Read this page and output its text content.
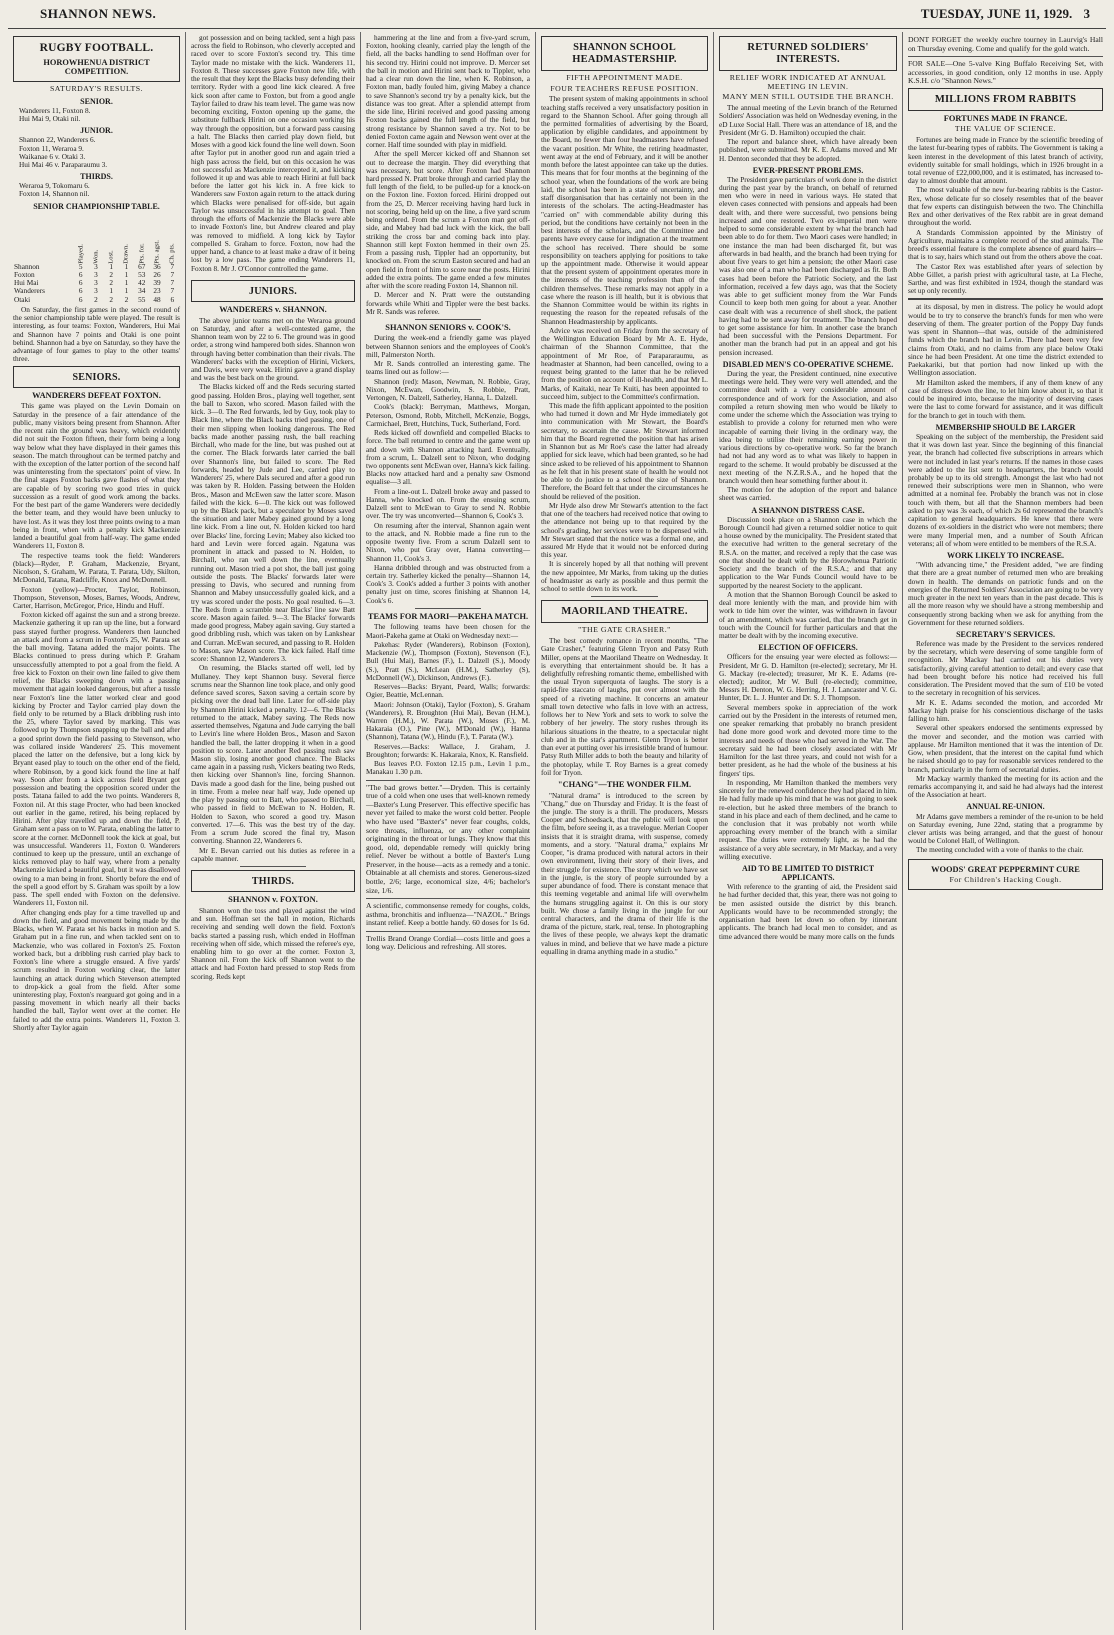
SHANNON NEWS.	TUESDAY, JUNE 11, 1929. 3
RUGBY FOOTBALL.
HOROWHENUA DISTRICT COMPETITION.
SATURDAY'S RESULTS.
SENIOR.
Wanderers 11, Foxton 8.
Hui Mai 9, Otaki nil.
JUNIOR.
Shannon 22, Wanderers 6.
Foxton 11, Weraroa 9.
Waikanae 6 v. Otaki 3.
Hui Mai 46 v. Paraparaumu 3.
THIRDS.
Weraroa 9, Tokomaru 6.
Foxton 14, Shannon nil.
SENIOR CHAMPIONSHIP TABLE.
	Played.	Won.	Lost.	Drawn.	Pts. for.	Pts. agst.	Ch. pts.
Shannon	5	3	1	1	67	36	7
Foxton	6	3	2	1	53	26	7
Hui Mai	6	3	2	1	42	39	7
Wanderers	6	3	1	1	34	23	7
Otaki	6	2	2	2	55	48	6

On Saturday, the first games in the second round of the senior championship table were played. The result is interesting, as four teams: Foxton, Wanderers, Hui Mai and Shannon have 7 points and Otaki is one point behind. Shannon had a bye on Saturday, so they have the advantage of four games to play to the other teams' three.

SENIORS.
WANDERERS DEFEAT FOXTON.

This game was played on the Levin Domain on Saturday in the presence of a fair attendance of the public, many visitors being present from Shannon. After the recent rain the ground was heavy, which evidently did not suit the Foxton fifteen, their form being a long way below what they have displayed in their games this season. The match throughout can be termed patchy and with the exception of the latter portion of the second half was uninteresting from the spectators' point of view. In the final stages Foxton backs gave flashes of what they are capable of by scoring two good tries in quick succession as a result of good work among the backs. For the best part of the game Wanderers were decidedly the better team, and they would have been unlucky to have lost. As it was they lost three points owing to a man being in front, when with a penalty kick Mackenzie landed a beautiful goal from half-way. The game ended Wanderers 11, Foxton 8.

The respective teams took the field: Wanderers (black)—Ryder, P. Graham, Mackenzie, Bryant, Nicolson, S. Graham, W. Parata, T. Parata, Udy, Skilton, McDonald, Tatana, Radcliffe, Knox and McDonnell.

Foxton (yellow)—Procter, Taylor, Robinson, Thompson, Stevenson, Moses, Barnes, Woods, Andrew, Carter, Harrison, McGregor, Price, Hindu and Huff.

Foxton kicked off against the sun and a strong breeze. Mackenzie gathering it up ran up the line, but a forward pass stayed further progress. Wanderers then launched an attack and from a scrum in Foxton's 25, W. Parata set the ball moving. Tatana added the major points. The Blacks continued to press during which P. Graham unsuccessfully attempted to pot a goal from the field. A free kick to Foxton on their own line failed to give them relief, the Blacks sweeping down with a passing movement that again looked dangerous, but after a tussle near Foxton's line the latter worked clear and good kicking by Procter and Taylor carried play down the field only to be returned by a Black dribbling rush into the 25, where Taylor saved by marking. This was followed up by Thompson snapping up the ball and after a good sprint down the field passing to Stevenson, who was collared inside Wanderers' 25. This movement placed the latter on the defensive, but a long kick by Bryant eased play to touch on the other end of the field, where Robinson, by a good kick found the line at half way. Soon after from a kick across field Bryant got possession and beating the opposition scored under the posts. Tatana failed to add the two points. Wanderers 8, Foxton nil. At this stage Procter, who had been knocked out earlier in the game, retired, his being replaced by Hirini. After play travelled up and down the field, P. Graham sent a pass on to W. Parata, enabling the latter to score at the corner. McDonnell took the kick at goal, but was unsuccessful. Wanderers 11, Foxton 0. Wanderers continued to keep up the pressure, until an exchange of kicks removed play to half way, where from a penalty Mackenzie kicked a beautiful goal, but it was disallowed owing to a man being in front. Shortly before the end of the spell a good effort by S. Graham was spoilt by a low pass. The spell ended with Foxton on the defensive. Wanderers 11, Foxton nil.

After changing ends play for a time travelled up and down the field, and good movement being made by the Blacks, when W. Parata set his backs in motion and S. Graham put in a fine run, and when tackled sent on to Mackenzie, who was collared in Foxton's 25. Foxton worked back, but a dribbling rush carried play back to Foxton's line where a struggle ensued. A five yards' scrum resulted in Foxton working clear, the latter launching an attack during which Stevenson attempted to drop-kick a goal from the field. After some uninteresting play, Foxton's rearguard got going and in a passing movement in which nearly all their backs handled the ball, Taylor went over at the corner. He failed to add the extra points. Wanderers 11, Foxton 3. Shortly after Taylor again

got possession and on being tackled, sent a high pass across the field to Robinson, who cleverly accepted and raced over to score Foxton's second try. This time Taylor made no mistake with the kick. Wanderers 11, Foxton 8. These successes gave Foxton new life, with the result that they kept the Blacks busy defending their territory. Ryder with a good line kick cleared. A free kick soon after came to Foxton, but from a good angle Taylor failed to draw his team level. The game was now becoming exciting, Foxton opening up the game, the substitute fullback Hirini on one occasion working his way through the opposition, but a forward pass causing a halt. The Blacks then carried play down field, but Moses with a good kick found the line well down. Soon after Taylor put in another good run and again tried a high pass across the field, but on this occasion he was not successful as Mackenzie intercepted it, and kicking followed it up and was able to reach Hirini at full back before the latter got his kick in. A free kick to Wanderers saw Foxton again return to the attack during which Blacks were penalised for off-side, but again Taylor was unsuccessful in his attempt to goal. Then through the efforts of Mackenzie the Blacks were able to invade Foxton's line, but Andrew cleared and play was removed to midfield. A long kick by Taylor compelled S. Graham to force. Foxton, now had the upper hand, a chance to at least make a draw of it being lost by a low pass. The game ending Wanderers 11, Foxton 8. Mr J. O'Connor controlled the game.

JUNIORS.
WANDERERS v. SHANNON.

The above junior teams met on the Weraroa ground on Saturday, and after a well-contested game, the Shannon team won by 22 to 6. The ground was in good order, a strong wind hampered both sides. Shannon won through having better combination than their rivals. The Wanderers' backs with the exception of Hirini, Vickers, and Davis, were very weak. Hirini gave a grand display and was the best back on the ground.

The Blacks kicked off and the Reds securing started good passing. Holden Bros., playing well together, sent the ball to Saxon, who scored. Mason failed with the kick. 3—0. The Red forwards, led by Guy, took play to Black line, where the Black backs tried passing, one of their men slipping when looking dangerous. The Red backs made another passing rush, the ball reaching Birchall, who made for the line, but was pushed out at the corner. The Black forwards later carried the ball over Shannon's line, but failed to score. The Red forwards, headed by Jude and Lee, carried play to Wanderers' 25, where Dals secured and after a good run was taken by R. Holden. Passing between the Holden Bros., Mason and McEwen saw the latter score. Mason failed with the kick. 6—0. The kick out was followed up by the Black pack, but a speculator by Moses saved the situation and later Mabey gained ground by a long line kick. From a line out, N. Holden kicked too hard over Blacks' line, forcing Levin; Mabey also kicked too hard and Levin were forced again. Ngatuna was prominent in attack and passed to N. Holden, to Birchall, who ran well down the line, eventually running out. Mason tried a pot shot, the ball just going outside the posts. The Blacks' forwards later were pressing to Davis, who secured and running from Shannon and Mabey unsuccessfully goaled kick, and a try was scored under the posts. No goal resulted. 6—3. The Reds from a scramble near Blacks' line saw Batt score. Mason again failed. 9—3. The Blacks' forwards made good progress, Mabey again saving. Guy started a good dribbling rush, which was taken on by Lankshear and Curran. McEwan secured, and passing to R. Holden to Mason, saw Mason score. The kick failed. Half time score: Shannon 12, Wanderers 3.

On resuming, the Blacks started off well, led by Mullaney. They kept Shannon busy. Several fierce scrums near the Shannon line took place, and only good defence saved scores, Saxon saving a certain score by picking over the dead ball line. Later for off-side play by Shannon Hirini kicked a penalty. 12—6. The Blacks returned to the attack, Mabey saving. The Reds now asserted themselves, Ngatuna and Jude carrying the ball to Levin's line where Holden Bros., Mason and Saxon handled the ball, the latter dropping it when in a good position to score. Later another Red passing rush saw Mason slip, losing another good chance. The Blacks came again in a passing rush, Vickers beating two Reds, then kicking over Shannon's line, forcing Shannon. Davis made a good dash for the line, being pushed out in time. From a melee near half way, Jude opened up the play by passing out to Batt, who passed to Birchall, who passed in field to McEwan to N. Holden, R. Holden to Saxon, who scored a good try. Mason converted. 17—6. This was the best try of the day. From a scrum Jude scored the final try, Mason converting. Shannon 22, Wanderers 6.

Mr E. Bevan carried out his duties as referee in a capable manner.

THIRDS.
SHANNON v. FOXTON.

Shannon won the toss and played against the wind and sun. Hoffman set the ball in motion, Richards receiving and sending well down the field. Foxton's backs started a passing rush, which ended in Hoffman receiving when off side, which missed the referee's eye, enabling him to go over at the corner. Foxton 3, Shannon nil. From the kick off Shannon went to the attack and had Foxton hard pressed to stop Reds from scoring. Reds kept

hammering at the line and from a five-yard scrum, Foxton, hooking cleanly, carried play the length of the field, all the backs handling to send Hoffman over for his second try. Hirini could not improve. D. Mercer set the ball in motion and Hirini sent back to Tippler, who had a clear run down the line, when K. Robinson, a Foxton man, badly fouled him, giving Mabey a chance to save Shannon's second try by a penalty kick, but the distance was too great. After a splendid attempt from the side line, Hirini received and good passing among Foxton backs gained the full length of the field, but strong resistance by Shannon saved a try. Not to be denied Foxton came again and Newson went over at the corner. Half time sounded with play in midfield.

After the spell Mercer kicked off and Shannon set out to decrease the margin. They did everything that was necessary, but score. After Foxton had Shannon hard pressed N. Pratt broke through and carried play the full length of the field, to be pulled-up for a knock-on on the Foxton line. Foxton forced. Hirini dropped out from the 25, D. Mercer receiving having hard luck in not scoring, being held up on the line, a five yard scrum being ordered. From the scrum a Foxton man got off-side, and Mabey had bad luck with the kick, the ball striking the cross bar and coming back into play. Shannon still kept Foxton hemmed in their own 25. From a passing rush, Tippler had an opportunity, but knocked on. From the scrum Easton secured and had an open field in front of him to score near the posts. Hirini added the extra points. The game ended a few minutes after with the score reading Foxton 14, Shannon nil.

D. Mercer and N. Pratt were the outstanding forwards while Whiti and Tippler were the best backs. Mr R. Sands was referee.

SHANNON SENIORS v. COOK'S.

During the week-end a friendly game was played between Shannon seniors and the employees of Cook's mill, Palmerston North.

Mr R. Sands controlled an interesting game. The teams lined out as follow:—

Shannon (red): Mason, Newman, N. Robbie, Gray, Nixon, McEwan, Goodwin, S. Robbie, Pratt, Vertongen, N. Dalzell, Satherley, Hanna, L. Dalzell.

Cook's (black): Berryman, Matthews, Morgan, Peterson, Osmond, Robb, Mitchell, McKenzie, Boggs, Carmichael, Brett, Hutchins, Tuck, Sutherland, Ford.

Reds kicked off downfield and compelled Blacks to force. The ball returned to centre and the game went up and down with Shannon attacking hard. Eventually, from a scrum, L. Dalzell sent to Nixon, who dodging two opponents sent McEwan over, Hanna's kick failing. Blacks now attacked hard and a penalty saw Osmond equalise—3 all.

From a line-out L. Dalzell broke away and passed to Hanna, who knocked on. From the ensuing scrum, Dalzell sent to McEwan to Gray to send N. Robbie over. The try was unconverted—Shannon 6, Cook's 3.

On resuming after the interval, Shannon again went to the attack, and N. Robbie made a fine run to the opposite twenty five. From a scrum Dalzell sent to Nixon, who put Gray over, Hanna converting—Shannon 11, Cook's 3.

Hanna dribbled through and was obstructed from a certain try. Satherley kicked the penalty—Shannon 14, Cook's 3. Cook's added a further 3 points with another penalty just on time, scores finishing at Shannon 14, Cook's 6.

TEAMS FOR MAORI—PAKEHA MATCH.

The following teams have been chosen for the Maori-Pakeha game at Otaki on Wednesday next:—

Pakehas: Ryder (Wanderers), Robinson (Foxton), Mackenzie (W.), Thompson (Foxton), Stevenson (F.), Bull (Hui Mai), Barnes (F.), L. Dalzell (S.), Moody (S.), Pratt (S.), McLean (H.M.), Satherley (S), McDonnell (W.), Dickinson, Andrews (F.).

Reserves—Backs: Bryant, Peard, Walls; forwards: Ogier, Beattie, McLennan.

Maori: Johnson (Otaki), Taylor (Foxton), S. Graham (Wanderers), R. Broughton (Hui Mai), Bevan (H.M.), Warren (H.M.), W. Parata (W.), Moses (F.), M. Hakaraia (O.), Pine (W.), M'Donald (W.), Hanna (Shannon), Tatana (W.), Hindu (F.), T. Parata (W.).

Reserves.—Backs: Wallace, J. Graham, J. Broughton; forwards: K. Hakaraia, Knox, K. Ransfield.

Bus leaves P.O. Foxton 12.15 p.m., Levin 1 p.m., Manakau 1.30 p.m.

"The bad grows better."—Dryden. This is certainly true of a cold when one uses that well-known remedy—Baxter's Lung Preserver. This effective specific has never yet failed to make the worst cold better. People who have used "Baxter's" never fear coughs, colds, sore throats, influenza, or any other complaint originating in the throat or lungs. They know that this good, old, dependable remedy will quickly bring relief. Never be without a bottle of Baxter's Lung Preserver, in the house—acts as a remedy and a tonic. Obtainable at all chemists and stores. Generous-sized bottle, 2/6; large, economical size, 4/6; bachelor's size, 1/6.
A scientific, commonsense remedy for coughs, colds, asthma, bronchitis and influenza—"NAZOL." Brings instant relief. Keep a bottle handy. 60 doses for 1s 6d.
Trellis Brand Orange Cordial—costs little and goes a long way. Delicious and refreshing. All stores.
SHANNON SCHOOL HEADMASTERSHIP.
FIFTH APPOINTMENT MADE.
FOUR TEACHERS REFUSE POSITION.

The present system of making appointments in school teaching staffs received a very unsatisfactory position in regard to the Shannon School. After going through all the permitted formalities of advertising by the Board, application by eligible candidates, and appointment by the Board, no fewer than four headmasters have refused the vacant position. Mr White, the retiring headmaster, went away at the end of February, and it will be another month before the latest appointee can take up the duties. This means that for four months at the beginning of the school year, when the foundations of the work are being laid, the school has been in a state of uncertainty, and staff disorganisation that has certainly not been in the interests of the scholars. The acting-Headmaster has "carried on" with commendable ability during this period, but the conditions have certainly not been in the best interests of the scholars, and the Committee and parents have every cause for indignation at the treatment the school has received. There should be some responsibility on teachers applying for positions to take up the appointment made. Otherwise it would appear that the present system of appointment operates more in the interests of the teaching profession than of the children themselves. These remarks may not apply in a case where the reason is ill health, but it is obvious that the Shannon Committee would be within its rights in requesting the reason for the repeated refusals of the Shannon Headmastership by applicants.

Advice was received on Friday from the secretary of the Wellington Education Board by Mr A. E. Hyde, chairman of the Shannon Committee, that the appointment of Mr Roe, of Parapararaumu, as headmaster at Shannon, had been cancelled, owing to a request being granted to the latter that he be relieved from the position on account of ill-health, and that Mr L. Marks, of Kaitaki, near Te Kuiti, has been appointed to succeed him, subject to the Committee's confirmation.

This made the fifth applicant appointed to the position who had turned it down and Mr Hyde immediately got into communication with Mr Stewart, the Board's secretary, to ascertain the cause. Mr Stewart informed him that the Board regretted the position that has arisen in Shannon but as Mr Roe's case the latter had already applied for sick leave, which had been granted, so he had since asked to be relieved of his appointment to Shannon as he felt that in his present state of health he would not be able to do justice to a school the size of Shannon. Therefore, the Board felt that under the circumstances he should be relieved of the position.

Mr Hyde also drew Mr Stewart's attention to the fact that one of the teachers had received notice that owing to the attendance not being up to that required by the school's grading, her services were to be dispensed with. Mr Stewart stated that the notice was a formal one, and assured Mr Hyde that it would not be enforced during this year.

It is sincerely hoped by all that nothing will prevent the new appointee, Mr Marks, from taking up the duties of headmaster as early as possible and thus permit the school to settle down to its work.

MAORILAND THEATRE.
"THE GATE CRASHER."

The best comedy romance in recent months, "The Gate Crasher," featuring Glenn Tryon and Patsy Ruth Miller, opens at the Maoriland Theatre on Wednesday. It is everything that entertainment should be. It has a delightfully refreshing romantic theme, embellished with the usual Tryon superquota of laughs. The story is a rapid-fire staccato of laughs, put over almost with the speed of a riveting machine. It concerns an amateur small town detective who falls in love with an actress, follows her to New York and sets to work to solve the robbery of her jewelry. The story rushes through its hilarious situations in the theatre, to a spectacular night club and in the star's apartment. Glenn Tryon is better than ever at putting over his irresistible brand of humour. Patsy Ruth Miller adds to both the beauty and hilarity of the photoplay, while T. Roy Barnes is a great comedy foil for Tryon.

"CHANG"—THE WONDER FILM.

"Natural drama" is introduced to the screen by "Chang," due on Thursday and Friday. It is the feast of the jungle. The story is a thrill. The producers, Messrs Cooper and Schoedsack, that the public will look upon the film, before seeing it, as a travelogue. Merian Cooper insists that it is straight drama, with suspense, comedy moments, and a story. "Natural drama," explains Mr Cooper, "is drama produced with natural actors in their own environment, living their story of their lives, and their struggle for existence. The story which we have set in the jungle, is the story of people surrounded by a super abundance of food. There is constant menace that this teeming vegetable and animal life will overwhelm the humans struggling against it. On this is our story built. We chose a family living in the jungle for our central characters, and the drama of their life is the drama of the picture, stark, real, tense. In photographing the lives of these people, we always kept the dramatic values in mind, and believe that we have made a picture equalling in drama anything made in a studio."

RETURNED SOLDIERS' INTERESTS.
RELIEF WORK INDICATED AT ANNUAL MEETING IN LEVIN.
MANY MEN STILL OUTSIDE THE BRANCH.

The annual meeting of the Levin branch of the Returned Soldiers' Association was held on Wednesday evening, in the eD Luxe Social Hall. There was an attendance of 18, and the President (Mr G. D. Hamilton) occupied the chair.

The report and balance sheet, which have already been published, were submitted. Mr K. E. Adams moved and Mr H. Denton seconded that they be adopted.

EVER-PRESENT PROBLEMS.

The President gave particulars of work done in the district during the past year by the branch, on behalf of returned men who were in need in various ways. He stated that eleven cases connected with pensions and appeals had been dealt with, and there were successful, two pensions being increased and one restored. Two ex-imperial men were helped to some considerable extent by what the branch had been able to do for them. Two Maori cases were handled; in one instance the man had been discharged fit, but was afterwards in bad health, and the branch had been trying for about five years to get him a pension; the other Maori case was also one of a man who had been discharged as fit. Both cases had been before the Patriotic Society, and the last information, received a few days ago, was that the Society was able to get sufficient money from the War Funds Council to keep both men going for about a year. Another case dealt with was a recurrence of shell shock, the patient having had to be sent away for treatment. The branch hoped to get some assistance for him. In another case the branch had been successful with the Pensions Department. For another man the branch had put in an appeal and got his pension increased.

DISABLED MEN'S CO-OPERATIVE SCHEME.

During the year, the President continued, nine executive meetings were held. They were very well attended, and the committee dealt with a very considerable amount of correspondence and of work for the Association, and also compiled a return showing men who would be likely to come under the scheme which the Association was trying to establish to provide a colony for returned men who were incapable of earning their living in the ordinary way, the idea being to utilise their remaining earning power in various directions by co-operative work. So far the branch had not had any word as to what was likely to happen in regard to the scheme. It would probably be discussed at the next meeting of the N.Z.R.S.A., and he hoped that the branch would then hear something further about it.

The motion for the adoption of the report and balance sheet was carried.

A SHANNON DISTRESS CASE.

Discussion took place on a Shannon case in which the Borough Council had given a returned soldier notice to quit a house owned by the municipality. The President stated that the executive had written to the general secretary of the R.S.A. on the matter, and received a reply that the case was one that should be dealt with by the Horowhenua Patriotic Society and the branch of the R.S.A.; and that any application to the War Funds Council would have to be supported by the nearest Society to the applicant.

A motion that the Shannon Borough Council be asked to deal more leniently with the man, and provide him with work to tide him over the winter, was withdrawn in favour of an amendment, which was carried, that the branch get in touch with the Council for further particulars and that the matter be dealt with by the incoming executive.

ELECTION OF OFFICERS.

Officers for the ensuing year were elected as follows:—President, Mr G. D. Hamilton (re-elected); secretary, Mr H. G. Mackay (re-elected); treasurer, Mr K. E. Adams (re-elected); auditor, Mr W. Bull (re-elected); committee, Messrs H. Denton, W. G. Herring, H. J. Lancaster and V. G. Hunter, Dr. L. J. Hunter and Dr. S. J. Thompson.

Several members spoke in appreciation of the work carried out by the President in the interests of returned men, one speaker remarking that probably no branch president had done more good work and devoted more time to the interests and needs of those who had served in the War. The secretary said he had been closely associated with Mr Hamilton for the last three years, and could not wish for a better president, as he had the whole of the business at his fingers' tips.

In responding, Mr Hamilton thanked the members very sincerely for the renewed confidence they had placed in him. He had fully made up his mind that he was not going to seek re-election, but he asked three members of the branch to stand in his place and each of them declined, and he came to the conclusion that it was probably not worth while approaching every member of the branch with a similar request. The duties were extremely light, as he had the assistance of a very able secretary, in Mr Mackay, and a very willing executive.

AID TO BE LIMITED TO DISTRICT APPLICANTS.

With reference to the granting of aid, the President said he had further decided that, this year, there was not going to be men assisted outside the district by this branch. Applicants would have to be recommended strongly; the organisation had been let down so often by itinerant applicants. The branch had local men to consider, and as time advanced there would be many more calls on the funds

DONT FORGET the weekly euchre tourney in Laurvig's Hall on Thursday evening. Come and qualify for the gold watch.
FOR SALE—One 5-valve King Buffalo Receiving Set, with accessories, in good condition, only 12 months in use. Apply K.S.H. c/o "Shannon News."
MILLIONS FROM RABBITS
FORTUNES MADE IN FRANCE.
THE VALUE OF SCIENCE.

Fortunes are being made in France by the scientific breeding of the latest fur-bearing types of rabbits. The Government is taking a keen interest in the development of this latest branch of activity, evidently suitable for small holdings, which in 1926 brought in a total revenue of £22,000,000, and it is estimated, has increased to-day to almost double that amount.

The most valuable of the new fur-bearing rabbits is the Castor-Rex, whose delicate fur so closely resembles that of the beaver that few experts can distinguish between the two. The Chinchilla Rex and other derivatives of the Rex rabbit are in great demand throughout the world.

A Standards Commission appointed by the Ministry of Agriculture, maintains a complete record of the stud animals. The breed's essential feature is the complete absence of guard hairs—that is to say, hairs which stand out from the others above the coat.

The Castor Rex was established after years of selection by Abbe Gillet, a parish priest with agricultural taste, at La Fleche, Sarthe, and was first exhibited in 1924, though the standard was set up only recently.

at its disposal, by men in distress. The policy he would adopt would be to try to conserve the branch's funds for men who were deserving of them. The greater portion of the Poppy Day funds was spent in Shannon—that was, outside of the administered funds which the branch had in Levin. There had been very few claims from Otaki, and no claims from any place below Otaki since he had been President. At one time the district extended to Paekakariki, but that portion had now linked up with the Wellington association.

Mr Hamilton asked the members, if any of them knew of any case of distress down the line, to let him know about it, so that it could be inquired into, because the majority of deserving cases were the last to come forward for assistance, and it was difficult for the branch to get in touch with them.

MEMBERSHIP SHOULD BE LARGER

Speaking on the subject of the membership, the President said that it was down last year. Since the beginning of this financial year, the branch had collected five subscriptions in arrears which were not included in last year's returns. If the names in those cases were added to the list sent to headquarters, the branch would probably be up to its old strength. Amongst the last who had not renewed their subscriptions were men in Shannon, who were admitted at a nominal fee. Probably the branch was not in close touch with them, but all that the Shannon members had been asked to pay was 3s each, of which 2s 6d represented the branch's capitation to general headquarters. He knew that there were dozens of ex-soldiers in the district who were not members; there were many Imperial men, and a number of South African veterans; all of whom were entitled to be members of the R.S.A.

WORK LIKELY TO INCREASE.

"With advancing time," the President added, "we are finding that there are a great number of returned men who are breaking down in health. The demands on patriotic funds and on the energies of the Returned Soldiers' Association are going to be very much greater in the next ten years than in the past decade. This is all the more reason why we should have a strong membership and consequently strong backing when we ask for anything from the Government for these returned soldiers.

SECRETARY'S SERVICES.

Reference was made by the President to the services rendered by the secretary, which were deserving of some tangible form of recognition. Mr Mackay had carried out his duties very satisfactorily, giving careful attention to detail; and every case that had been brought before his notice had received his full consideration. The President moved that the sum of £10 be voted to the secretary in recognition of his services.

Mr K. E. Adams seconded the motion, and accorded Mr Mackay high praise for his conscientious discharge of the tasks falling to him.

Several other speakers endorsed the sentiments expressed by the mover and seconder, and the motion was carried with applause. Mr Hamilton mentioned that it was the intention of Dr. Gow, when president, that the interest on the capital fund which he raised should go to pay for reasonable services rendered to the branch, particularly in the form of secretarial duties.

Mr Mackay warmly thanked the meeting for its action and the remarks accompanying it, and said he had always had the interest of the Association at heart.

ANNUAL RE-UNION.

Mr Adams gave members a reminder of the re-union to be held on Saturday evening, June 22nd, stating that a programme by clever artists was being arranged, and that the guest of honour would be Colonel Hall, of Wellington.

The meeting concluded with a vote of thanks to the chair.

WOODS' GREAT PEPPERMINT CURE
For Children's Hacking Cough.
